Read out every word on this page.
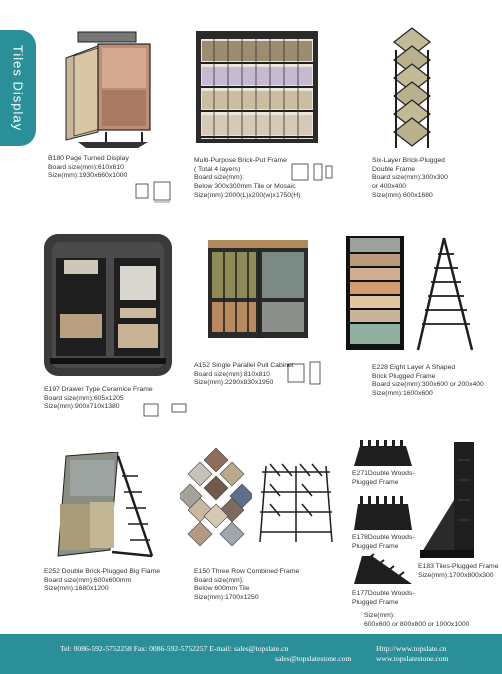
Tiles Display
B180 Page Turned Display
Board size(mm):610x610
Size(mm):1930x660x1000
Multi-Purpose Brick-Put Frame
( Total 4 layers)
Board size(mm):
Below 300x300mm Tile or Mosaic
Size(mm):2000(L)x200(w)x1750(H)
Six-Layer Brick-Plugged
Double Frame
Board size(mm):300x300
or 400x400
Size(mm):600x1680
E197 Drawer Type Ceramice Frame
Board size(mm):605x1205
Size(mm):900x710x1380
A152 Single Parallel Pull Cabinet
Board size(mm):810x810
Size(mm):2290x830x1950
E228 Eight Layer A Shaped
Brick Plugged Frame
Board size(mm):300x600 or 200x400
Size(mm):1600x600
E252 Double Brick-Plugged Big Flame
Board size(mm):600x600mm
Size(mm):1680x1200
E150 Three Row Combined Frame
Board size(mm):
Below 600mm Tile
Size(mm):1700x1250
E271Double Woods-
Plugged Frame
E178Double Woods-
Plugged Frame
E177Double Woods-
Plugged Frame
E183 Tiles-Plugged Frame
Size(mm):1700x800x300
Size(mm):
600x600 or 800x800 or 1000x1000
Tel: 0086-592-5752258 Fax: 0086-592-5752257 E-mail: sales@topslate.cn
sales@topslatestone.com
Http://www.topslate.cn
www.topslatestone.com
